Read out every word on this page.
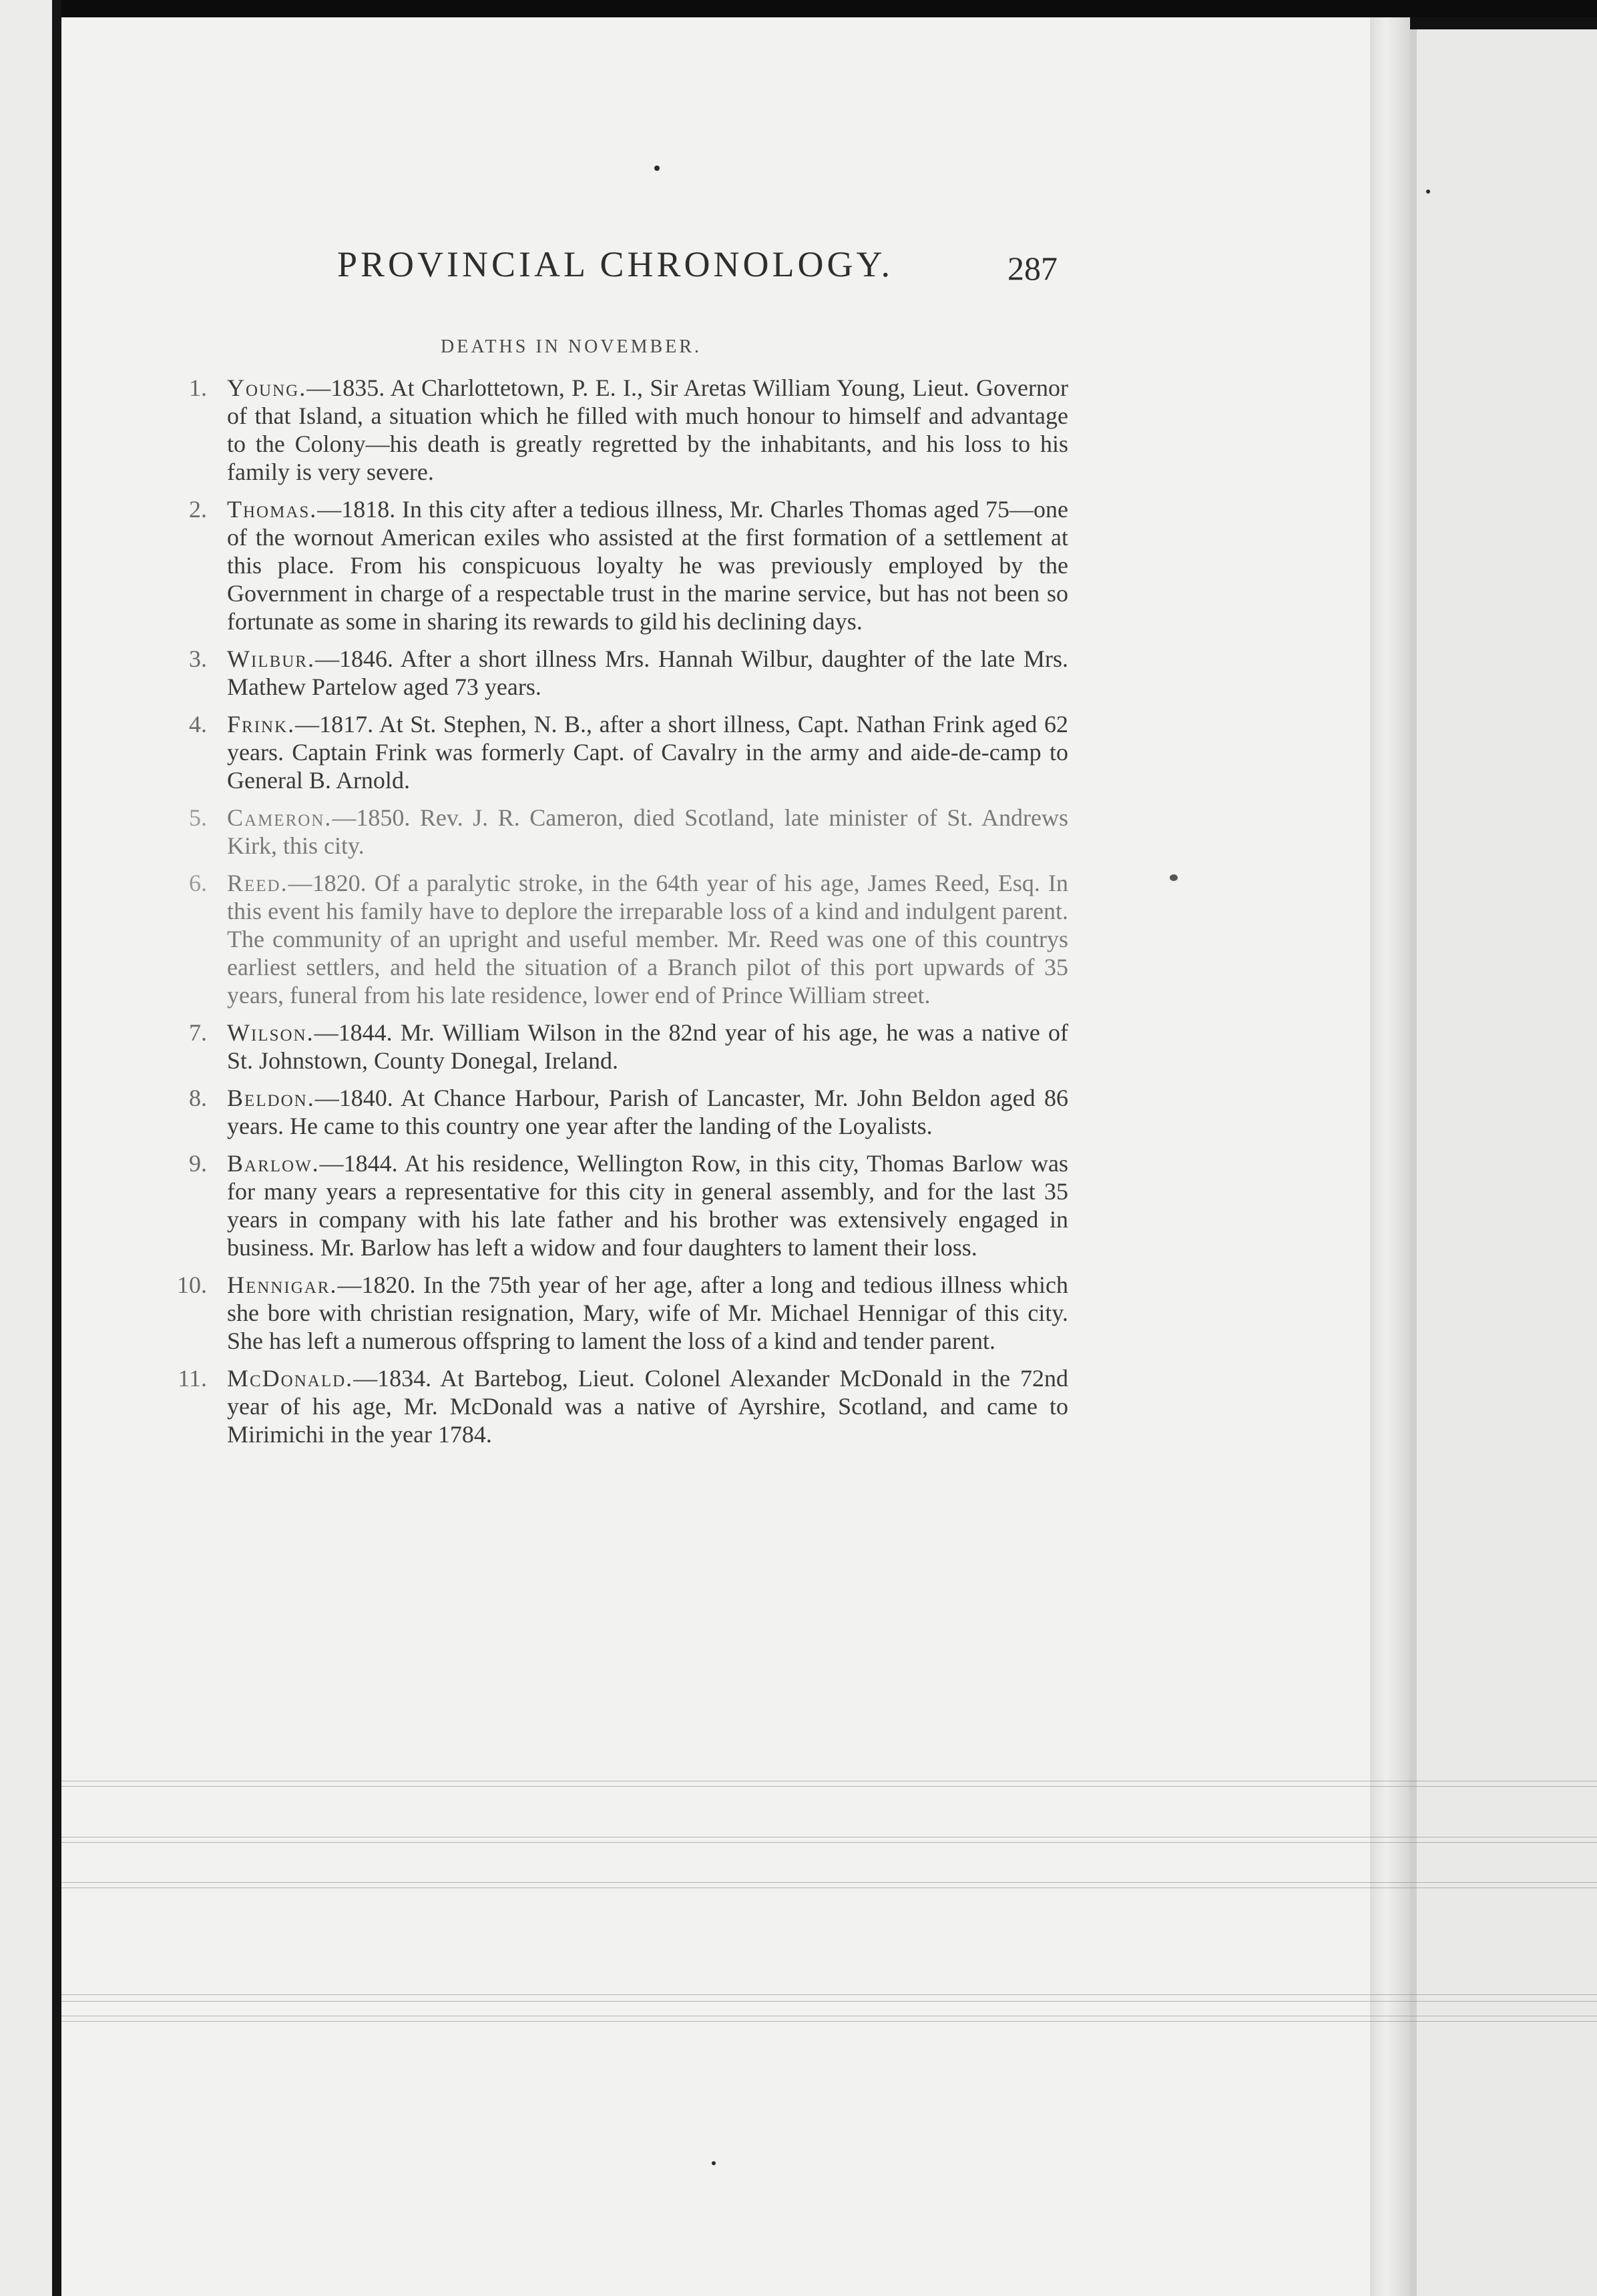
PROVINCIAL CHRONOLOGY.	287
DEATHS IN NOVEMBER.
1. Young.—1835. At Charlottetown, P. E. I., Sir Aretas William Young, Lieut. Governor of that Island, a situation which he filled with much honour to himself and advantage to the Colony—his death is greatly regretted by the inhabitants, and his loss to his family is very severe.
2. Thomas.—1818. In this city after a tedious illness, Mr. Charles Thomas aged 75—one of the wornout American exiles who assisted at the first formation of a settlement at this place. From his conspicuous loyalty he was previously employed by the Government in charge of a respectable trust in the marine service, but has not been so fortunate as some in sharing its rewards to gild his declining days.
3. Wilbur.—1846. After a short illness Mrs. Hannah Wilbur, daughter of the late Mrs. Mathew Partelow aged 73 years.
4. Frink.—1817. At St. Stephen, N. B., after a short illness, Capt. Nathan Frink aged 62 years. Captain Frink was formerly Capt. of Cavalry in the army and aide-de-camp to General B. Arnold.
5. Cameron.—1850. Rev. J. R. Cameron, died Scotland, late minister of St. Andrews Kirk, this city.
6. Reed.—1820. Of a paralytic stroke, in the 64th year of his age, James Reed, Esq. In this event his family have to deplore the irreparable loss of a kind and indulgent parent. The community of an upright and useful member. Mr. Reed was one of this countrys earliest settlers, and held the situation of a Branch pilot of this port upwards of 35 years, funeral from his late residence, lower end of Prince William street.
7. Wilson.—1844. Mr. William Wilson in the 82nd year of his age, he was a native of St. Johnstown, County Donegal, Ireland.
8. Beldon.—1840. At Chance Harbour, Parish of Lancaster, Mr. John Beldon aged 86 years. He came to this country one year after the landing of the Loyalists.
9. Barlow.—1844. At his residence, Wellington Row, in this city, Thomas Barlow was for many years a representative for this city in general assembly, and for the last 35 years in company with his late father and his brother was extensively engaged in business. Mr. Barlow has left a widow and four daughters to lament their loss.
10. Hennigar.—1820. In the 75th year of her age, after a long and tedious illness which she bore with christian resignation, Mary, wife of Mr. Michael Hennigar of this city. She has left a numerous offspring to lament the loss of a kind and tender parent.
11. McDonald.—1834. At Bartebog, Lieut. Colonel Alexander McDonald in the 72nd year of his age, Mr. McDonald was a native of Ayrshire, Scotland, and came to Mirimichi in the year 1784.
